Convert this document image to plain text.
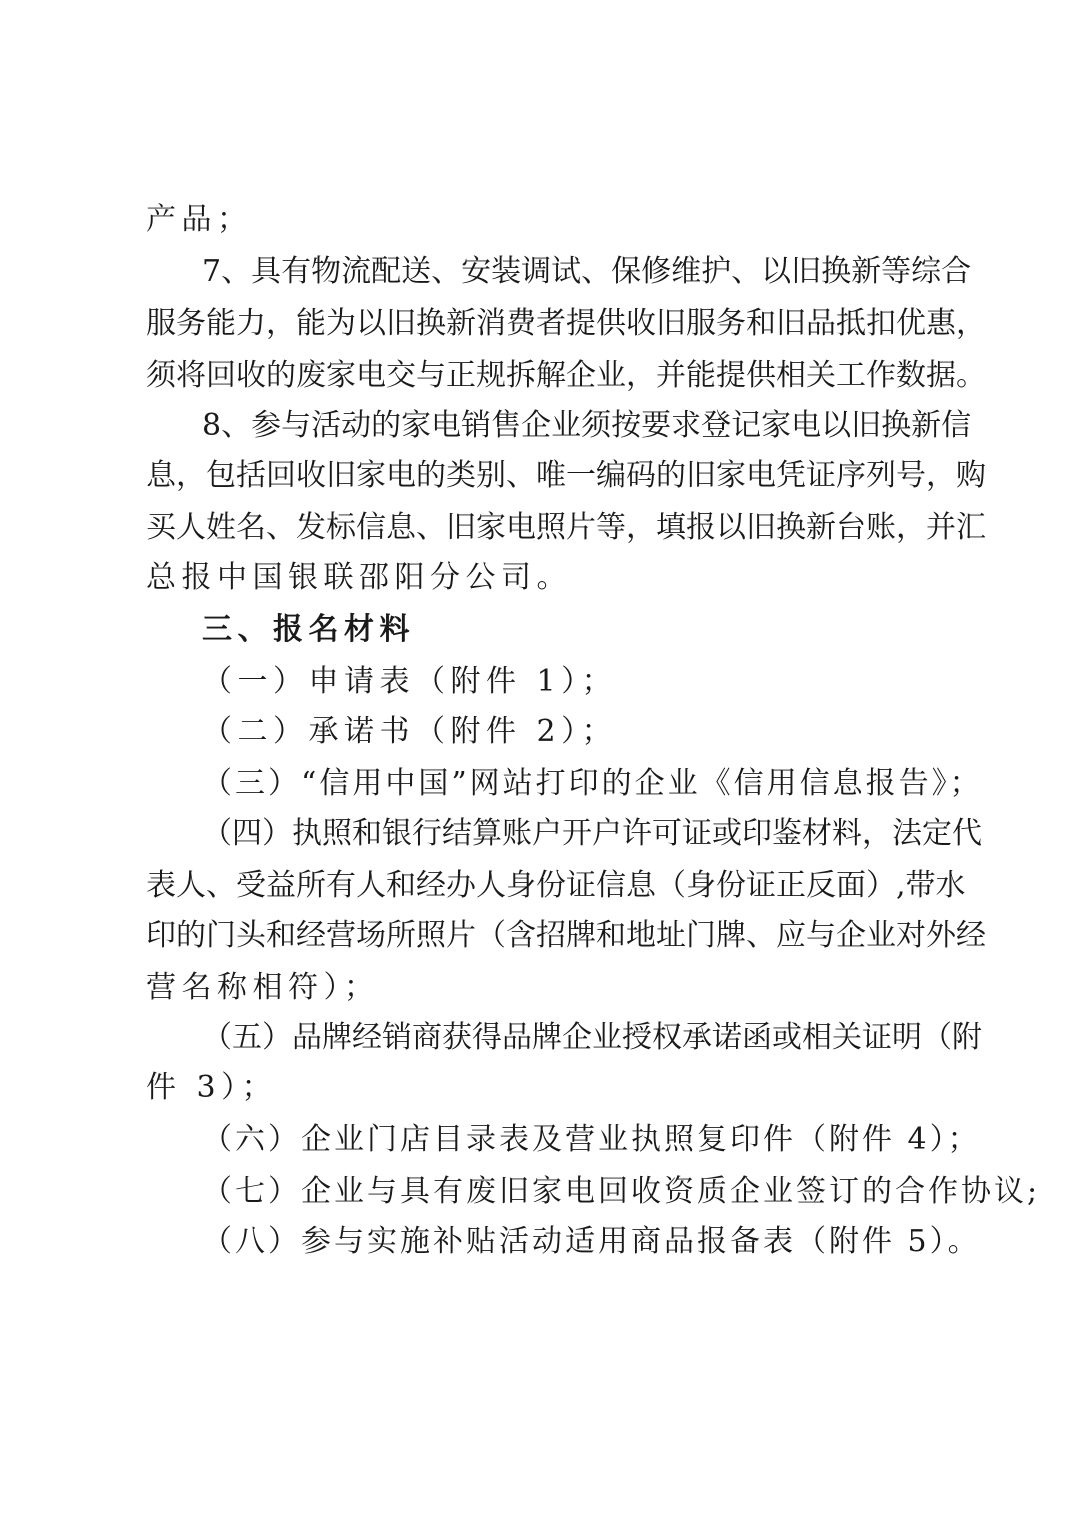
产品；
7、具有物流配送、安装调试、保修维护、以旧换新等综合
服务能力，能为以旧换新消费者提供收旧服务和旧品抵扣优惠，
须将回收的废家电交与正规拆解企业，并能提供相关工作数据。
8、参与活动的家电销售企业须按要求登记家电以旧换新信
息，包括回收旧家电的类别、唯一编码的旧家电凭证序列号，购
买人姓名、发标信息、旧家电照片等，填报以旧换新台账，并汇
总报中国银联邵阳分公司。
三、报名材料
（一）申请表（附件 1）；
（二）承诺书（附件 2）；
（三）“信用中国”网站打印的企业《信用信息报告》；
（四）执照和银行结算账户开户许可证或印鉴材料，法定代
表人、受益所有人和经办人身份证信息（身份证正反面）,带水
印的门头和经营场所照片（含招牌和地址门牌、应与企业对外经
营名称相符）；
（五）品牌经销商获得品牌企业授权承诺函或相关证明（附
件 3）；
（六）企业门店目录表及营业执照复印件（附件 4）；
（七）企业与具有废旧家电回收资质企业签订的合作协议;
（八）参与实施补贴活动适用商品报备表（附件 5）。
